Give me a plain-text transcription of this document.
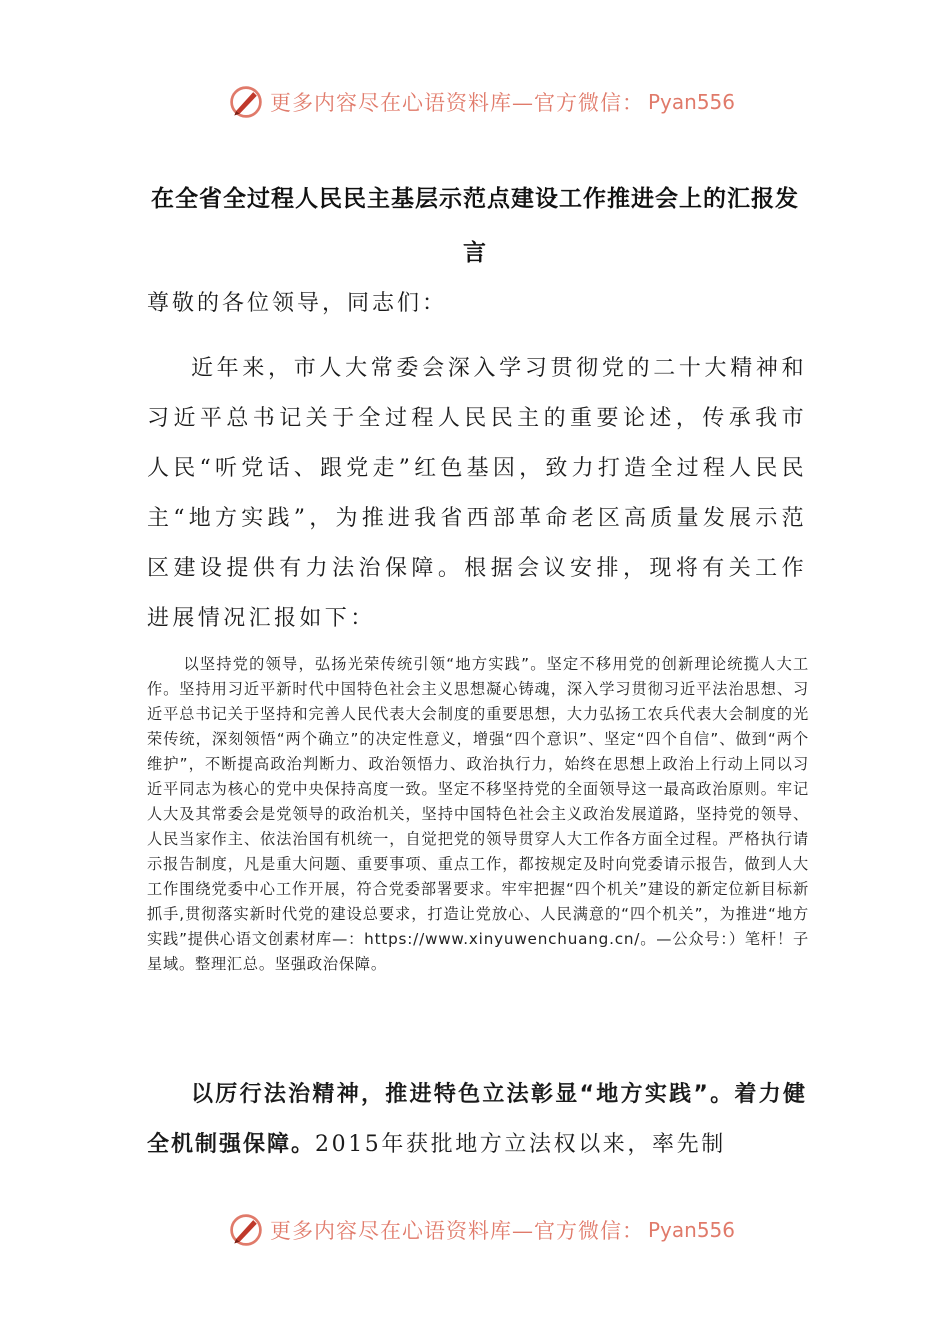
更多内容尽在心语资料库—官方微信： Pyan556
在全省全过程人民民主基层示范点建设工作推进会上的汇报发言

尊敬的各位领导，同志们：

近年来，市人大常委会深入学习贯彻党的二十大精神和习近平总书记关于全过程人民民主的重要论述，传承我市人民“听党话、跟党走”红色基因，致力打造全过程人民民主“地方实践”，为推进我省西部革命老区高质量发展示范区建设提供有力法治保障。根据会议安排，现将有关工作进展情况汇报如下：

以坚持党的领导，弘扬光荣传统引领“地方实践”。坚定不移用党的创新理论统揽人大工作。坚持用习近平新时代中国特色社会主义思想凝心铸魂，深入学习贯彻习近平法治思想、习近平总书记关于坚持和完善人民代表大会制度的重要思想，大力弘扬工农兵代表大会制度的光荣传统，深刻领悟“两个确立”的决定性意义，增强“四个意识”、坚定“四个自信”、做到“两个维护”，不断提高政治判断力、政治领悟力、政治执行力，始终在思想上政治上行动上同以习近平同志为核心的党中央保持高度一致。坚定不移坚持党的全面领导这一最高政治原则。牢记人大及其常委会是党领导的政治机关，坚持中国特色社会主义政治发展道路，坚持党的领导、人民当家作主、依法治国有机统一，自觉把党的领导贯穿人大工作各方面全过程。严格执行请示报告制度，凡是重大问题、重要事项、重点工作，都按规定及时向党委请示报告，做到人大工作围绕党委中心工作开展，符合党委部署要求。牢牢把握“四个机关”建设的新定位新目标新抓手,贯彻落实新时代党的建设总要求，打造让党放心、人民满意的“四个机关”，为推进“地方实践”提供心语文创素材库—：https://www.xinyuwenchuang.cn/。—公众号：）笔杆！子星域。整理汇总。坚强政治保障。

以厉行法治精神，推进特色立法彰显“地方实践”。着力健全机制强保障。2015年获批地方立法权以来，率先制

更多内容尽在心语资料库—官方微信： Pyan556
